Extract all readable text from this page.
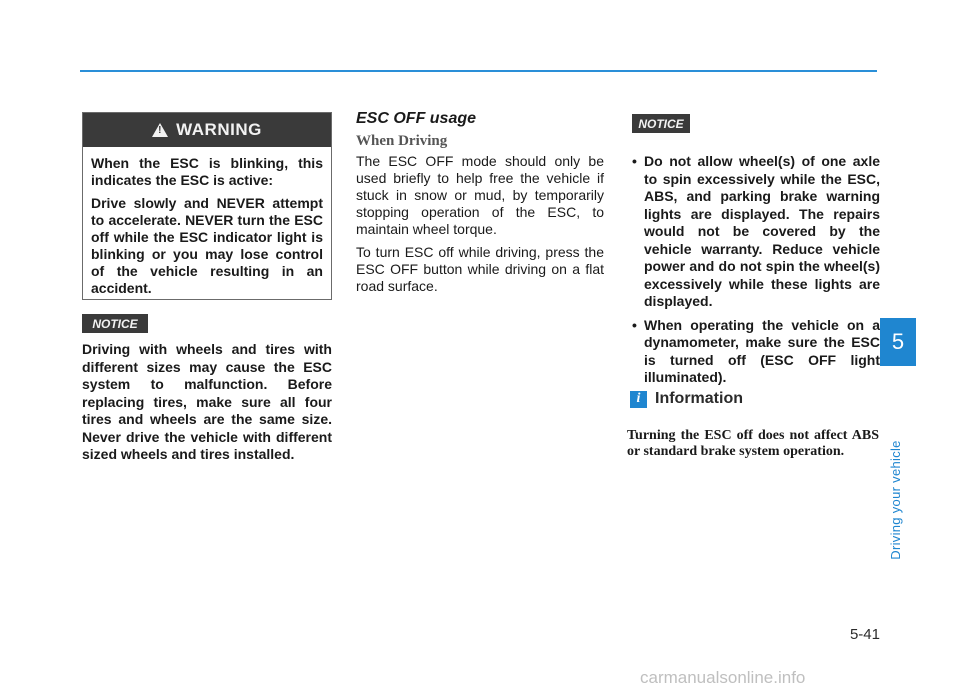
!
WARNING

When the ESC is blinking, this indicates the ESC is active:

Drive slowly and NEVER attempt to accelerate. NEVER turn the ESC off while the ESC indicator light is blinking or you may lose control of the vehicle resulting in an accident.

NOTICE

Driving with wheels and tires with different sizes may cause the ESC system to malfunction. Before replacing tires, make sure all four tires and wheels are the same size. Never drive the vehicle with different sized wheels and tires installed.

ESC OFF usage
When Driving

The ESC OFF mode should only be used briefly to help free the vehicle if stuck in snow or mud, by temporarily stopping operation of the ESC, to maintain wheel torque.

To turn ESC off while driving, press the ESC OFF button while driving on a flat road surface.

NOTICE
• Do not allow wheel(s) of one axle to spin excessively while the ESC, ABS, and parking brake warning lights are displayed. The repairs would not be covered by the vehicle warranty. Reduce vehicle power and do not spin the wheel(s) excessively while these lights are displayed.
• When operating the vehicle on a dynamometer, make sure the ESC is turned off (ESC OFF light illuminated).
i Information
Turning the ESC off does not affect ABS or standard brake system operation.
5
Driving your vehicle
5-41
carmanualsonline.info
